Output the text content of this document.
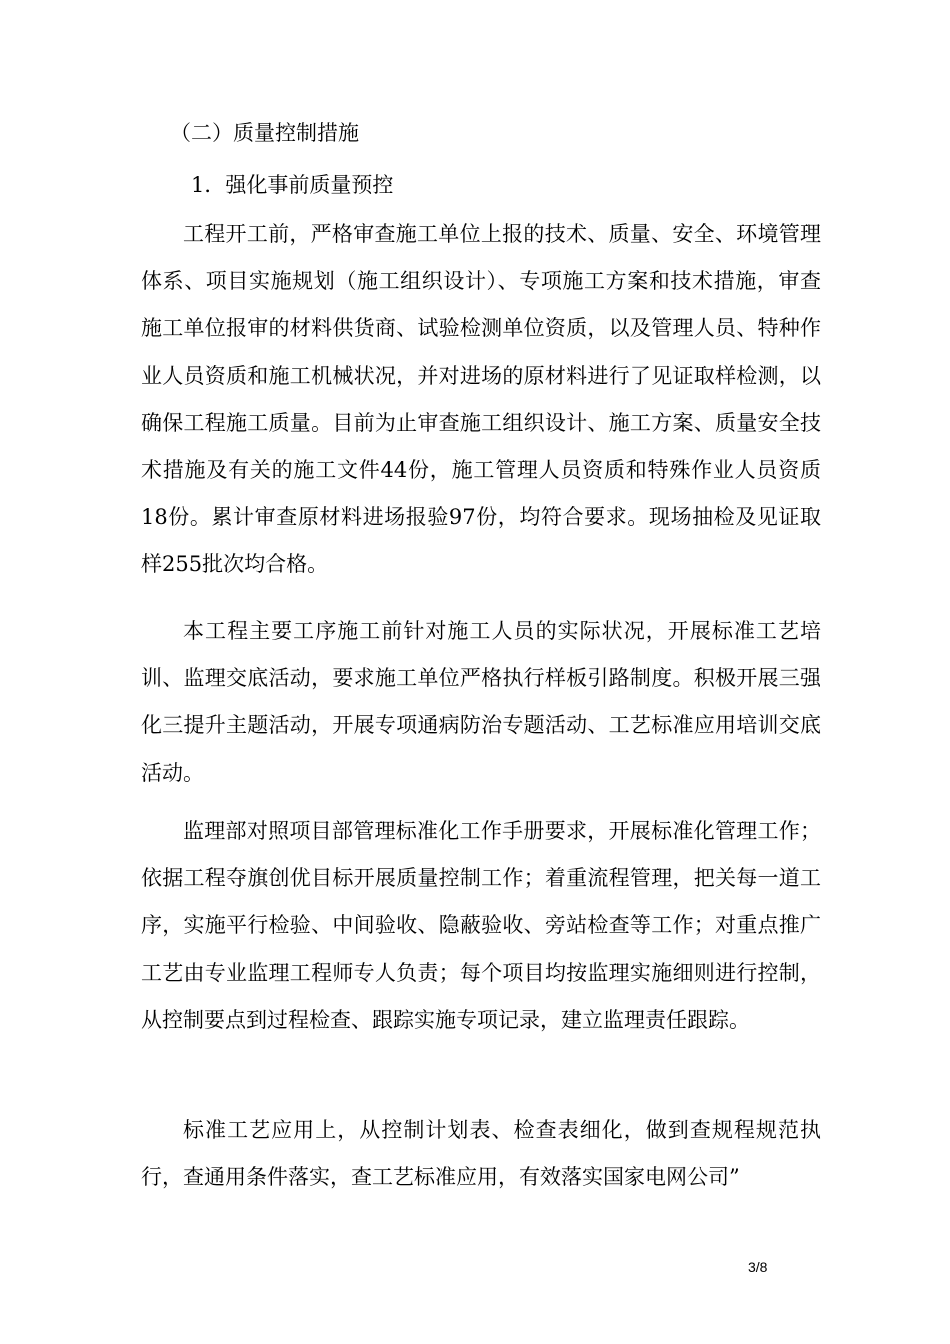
（二）质量控制措施
1．强化事前质量预控

工程开工前，严格审查施工单位上报的技术、质量、安全、环境管理体系、项目实施规划（施工组织设计）、专项施工方案和技术措施，审查施工单位报审的材料供货商、试验检测单位资质，以及管理人员、特种作业人员资质和施工机械状况，并对进场的原材料进行了见证取样检测，以确保工程施工质量。目前为止审查施工组织设计、施工方案、质量安全技术措施及有关的施工文件44份，施工管理人员资质和特殊作业人员资质18份。累计审查原材料进场报验97份，均符合要求。现场抽检及见证取样255批次均合格。

本工程主要工序施工前针对施工人员的实际状况，开展标准工艺培训、监理交底活动，要求施工单位严格执行样板引路制度。积极开展三强化三提升主题活动，开展专项通病防治专题活动、工艺标准应用培训交底活动。

监理部对照项目部管理标准化工作手册要求，开展标准化管理工作；依据工程夺旗创优目标开展质量控制工作；着重流程管理，把关每一道工序，实施平行检验、中间验收、隐蔽验收、旁站检查等工作；对重点推广工艺由专业监理工程师专人负责；每个项目均按监理实施细则进行控制，从控制要点到过程检查、跟踪实施专项记录，建立监理责任跟踪。

标准工艺应用上，从控制计划表、检查表细化，做到查规程规范执行，查通用条件落实，查工艺标准应用，有效落实国家电网公司”

3/8
